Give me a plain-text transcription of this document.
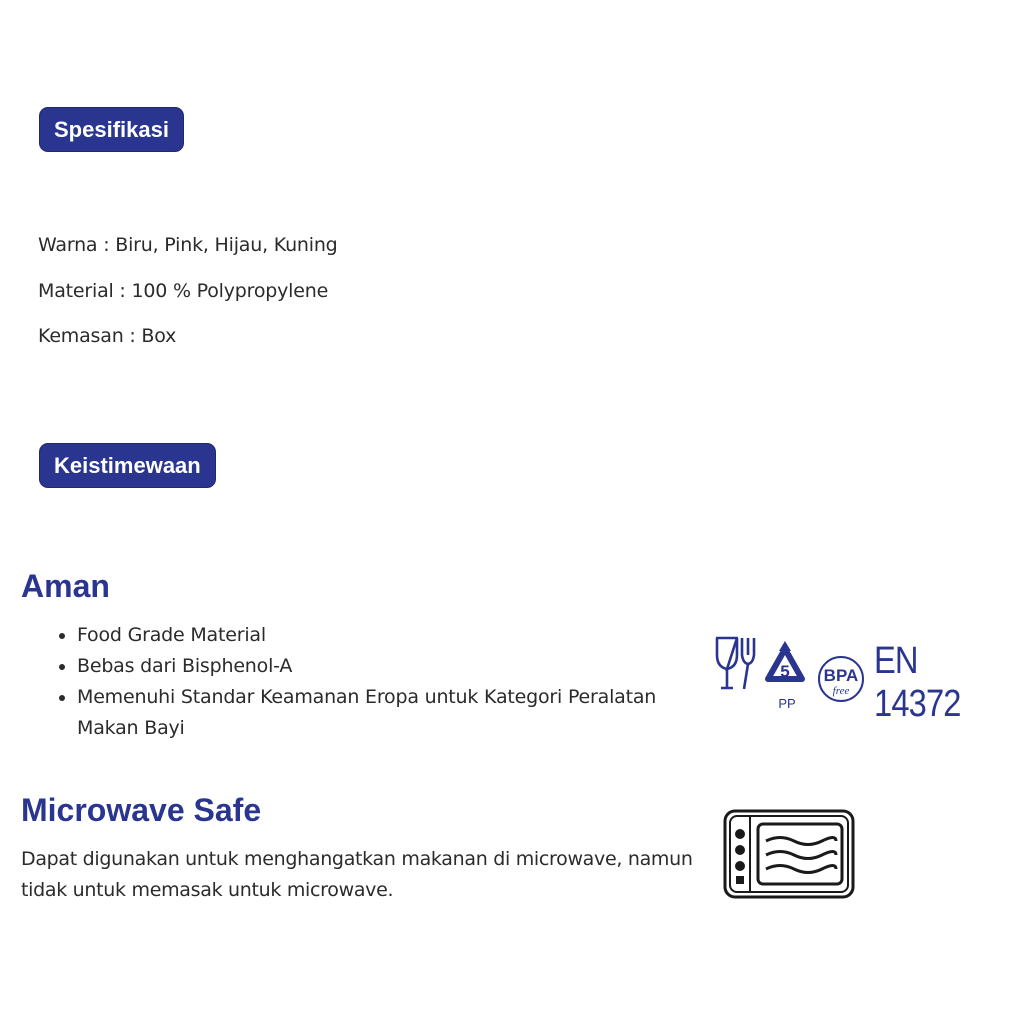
Spesifikasi
Warna : Biru, Pink, Hijau, Kuning
Material : 100 % Polypropylene
Kemasan : Box
Keistimewaan
Aman
• Food Grade Material
• Bebas dari Bisphenol-A
• Memenuhi Standar Keamanan Eropa untuk Kategori Peralatan Makan Bayi
5
PP
BPA
free
EN 14372
Microwave Safe
Dapat digunakan untuk menghangatkan makanan di microwave, namun tidak untuk memasak untuk microwave.
